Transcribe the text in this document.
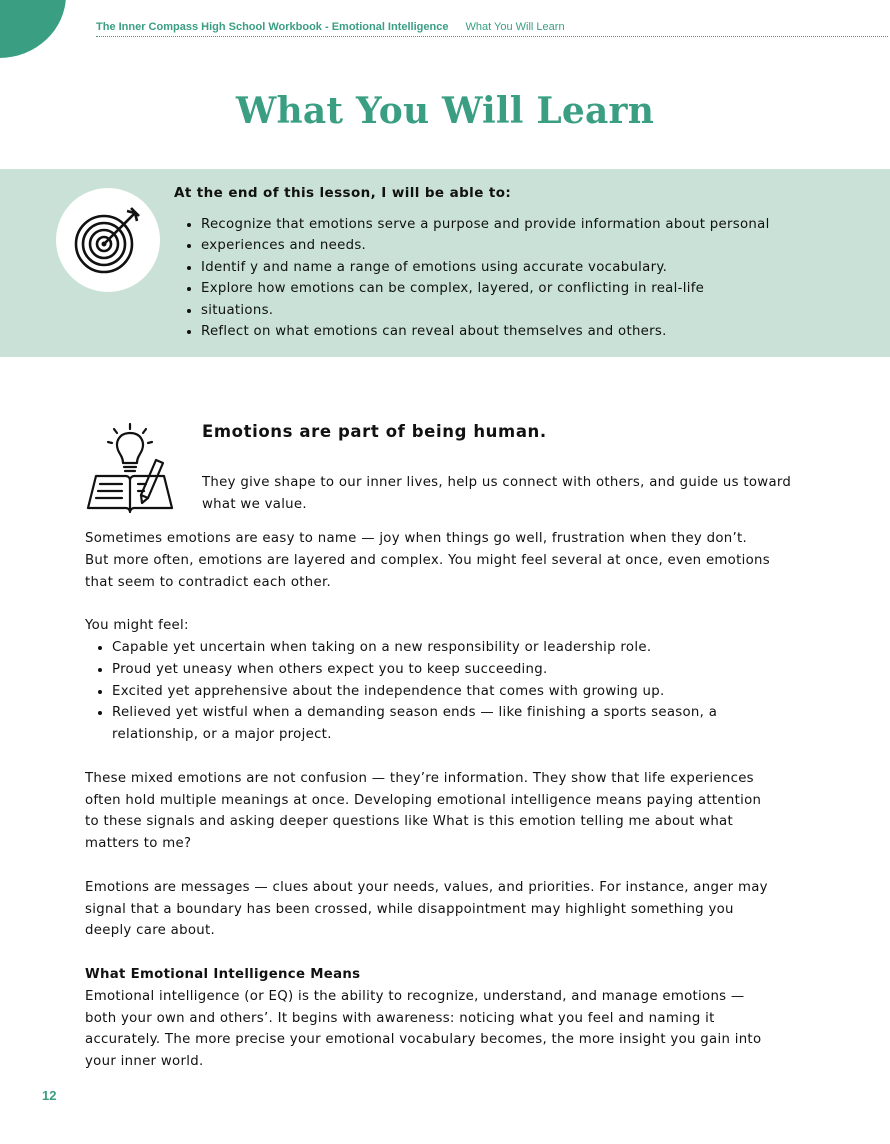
The Inner Compass High School Workbook - Emotional Intelligence What You Will Learn
What You Will Learn
At the end of this lesson, I will be able to:
• Recognize that emotions serve a purpose and provide information about personal
• experiences and needs.
• Identif y and name a range of emotions using accurate vocabulary.
• Explore how emotions can be complex, layered, or conflicting in real-life
• situations.
• Reflect on what emotions can reveal about themselves and others.
Emotions are part of being human.
They give shape to our inner lives, help us connect with others, and guide us toward what we value.

Sometimes emotions are easy to name — joy when things go well, frustration when they don’t. But more often, emotions are layered and complex. You might feel several at once, even emotions that seem to contradict each other.

You might feel:

• Capable yet uncertain when taking on a new responsibility or leadership role.
• Proud yet uneasy when others expect you to keep succeeding.
• Excited yet apprehensive about the independence that comes with growing up.
• Relieved yet wistful when a demanding season ends — like finishing a sports season, a relationship, or a major project.

These mixed emotions are not confusion — they’re information. They show that life experiences often hold multiple meanings at once. Developing emotional intelligence means paying attention to these signals and asking deeper questions like What is this emotion telling me about what matters to me?

Emotions are messages — clues about your needs, values, and priorities. For instance, anger may signal that a boundary has been crossed, while disappointment may highlight something you deeply care about.

What Emotional Intelligence Means

Emotional intelligence (or EQ) is the ability to recognize, understand, and manage emotions — both your own and others’. It begins with awareness: noticing what you feel and naming it accurately. The more precise your emotional vocabulary becomes, the more insight you gain into your inner world.

12
